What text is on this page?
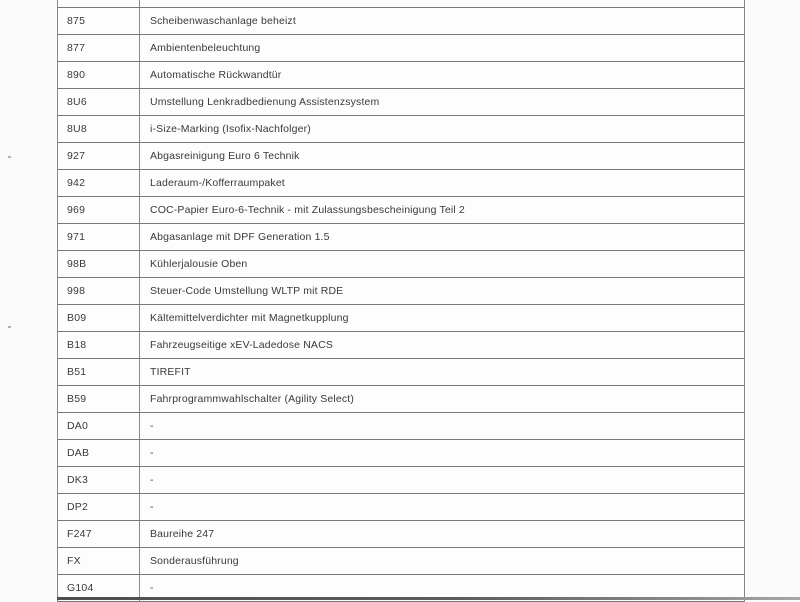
875	Scheibenwaschanlage beheizt
877	Ambientenbeleuchtung
890	Automatische Rückwandtür
8U6	Umstellung Lenkradbedienung Assistenzsystem
8U8	i-Size-Marking (Isofix-Nachfolger)
927	Abgasreinigung Euro 6 Technik
942	Laderaum-/Kofferraumpaket
969	COC-Papier Euro-6-Technik - mit Zulassungsbescheinigung Teil 2
971	Abgasanlage mit DPF Generation 1.5
98B	Kühlerjalousie Oben
998	Steuer-Code Umstellung WLTP mit RDE
B09	Kältemittelverdichter mit Magnetkupplung
B18	Fahrzeugseitige xEV-Ladedose NACS
B51	TIREFIT
B59	Fahrprogrammwahlschalter (Agility Select)
DA0	-
DAB	-
DK3	-
DP2	-
F247	Baureihe 247
FX	Sonderausführung
G104	-
